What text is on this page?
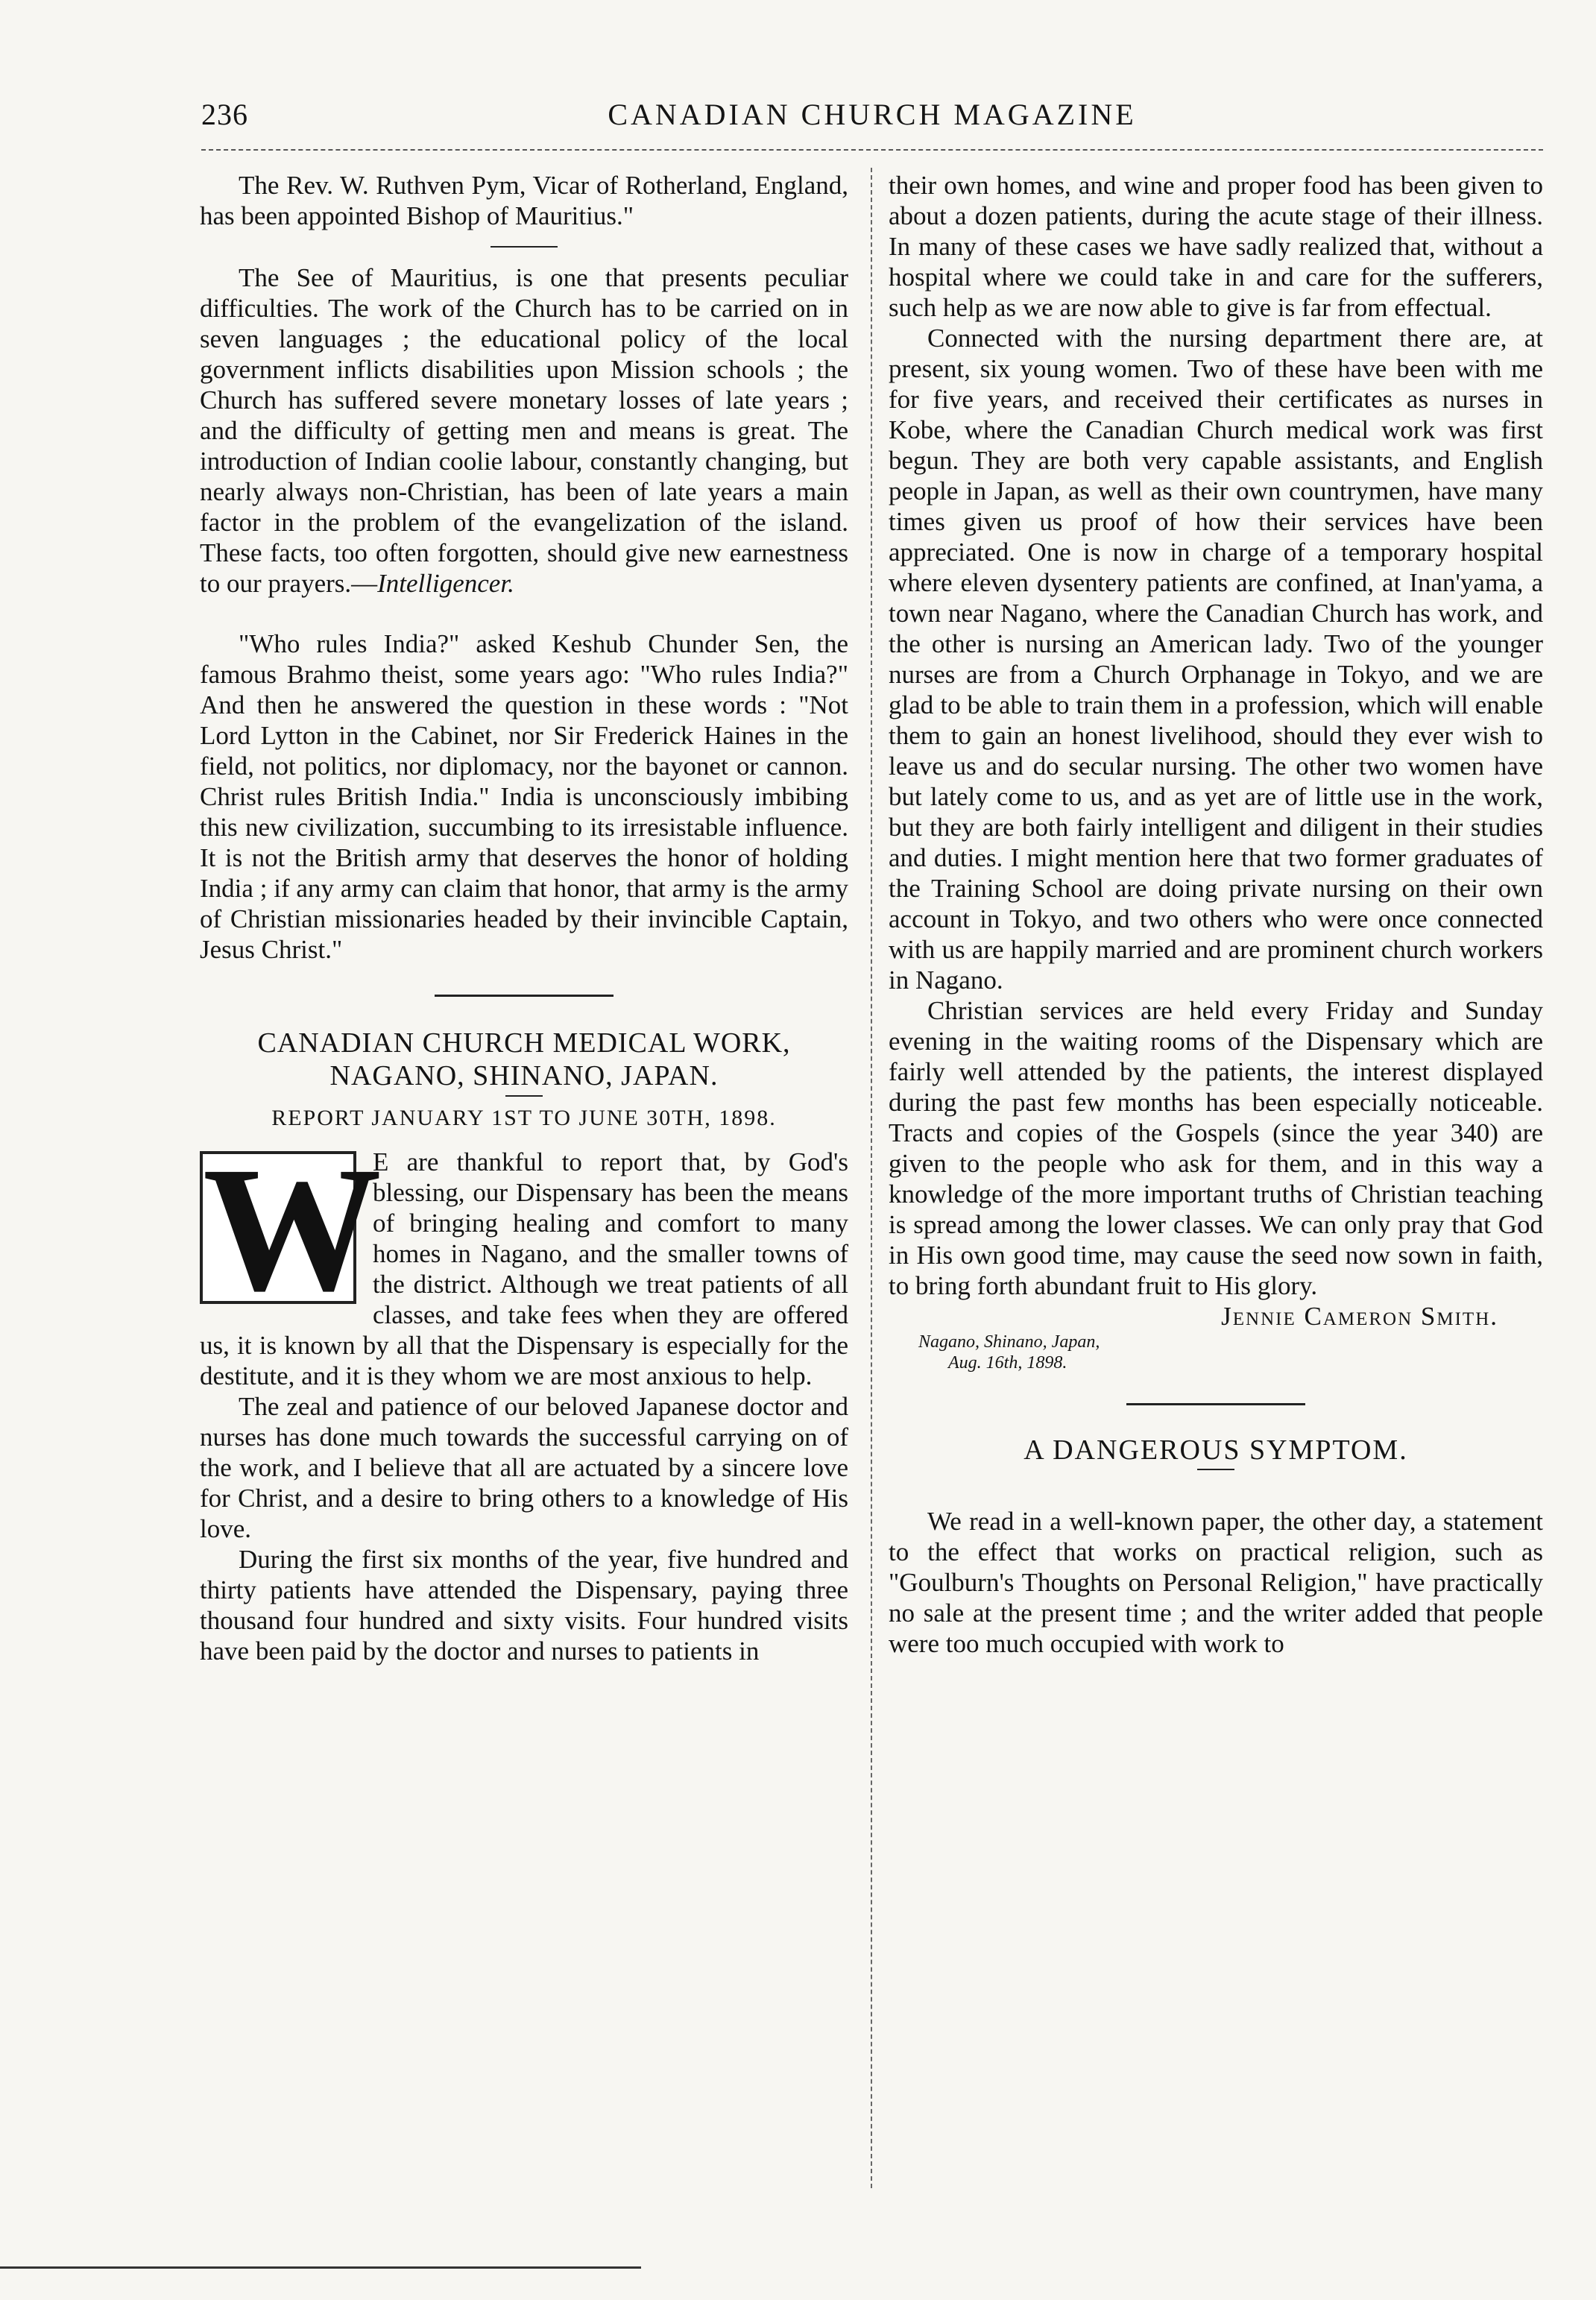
236	CANADIAN CHURCH MAGAZINE

The Rev. W. Ruthven Pym, Vicar of Rotherland, England, has been appointed Bishop of Mauritius."

The See of Mauritius, is one that presents peculiar difficulties. The work of the Church has to be carried on in seven languages ; the educational policy of the local government inflicts disabilities upon Mission schools ; the Church has suffered severe monetary losses of late years ; and the difficulty of getting men and means is great. The introduction of Indian coolie labour, constantly changing, but nearly always non-Christian, has been of late years a main factor in the problem of the evangelization of the island. These facts, too often forgotten, should give new earnestness to our prayers.—Intelligencer.

"Who rules India?" asked Keshub Chunder Sen, the famous Brahmo theist, some years ago: "Who rules India?" And then he answered the question in these words : "Not Lord Lytton in the Cabinet, nor Sir Frederick Haines in the field, not politics, nor diplomacy, nor the bayonet or cannon. Christ rules British India." India is unconsciously imbibing this new civilization, succumbing to its irresistable influence. It is not the British army that deserves the honor of holding India ; if any army can claim that honor, that army is the army of Christian missionaries headed by their invincible Captain, Jesus Christ."

CANADIAN CHURCH MEDICAL WORK,
NAGANO, SHINANO, JAPAN.
REPORT JANUARY 1ST TO JUNE 30TH, 1898.
W

E are thankful to report that, by God's blessing, our Dispensary has been the means of bringing healing and comfort to many homes in Nagano, and the smaller towns of the district. Although we treat patients of all classes, and take fees when they are offered us, it is known by all that the Dispensary is especially for the destitute, and it is they whom we are most anxious to help.

The zeal and patience of our beloved Japanese doctor and nurses has done much towards the successful carrying on of the work, and I believe that all are actuated by a sincere love for Christ, and a desire to bring others to a knowledge of His love.

During the first six months of the year, five hundred and thirty patients have attended the Dispensary, paying three thousand four hundred and sixty visits. Four hundred visits have been paid by the doctor and nurses to patients in

their own homes, and wine and proper food has been given to about a dozen patients, during the acute stage of their illness. In many of these cases we have sadly realized that, without a hospital where we could take in and care for the sufferers, such help as we are now able to give is far from effectual.

Connected with the nursing department there are, at present, six young women. Two of these have been with me for five years, and received their certificates as nurses in Kobe, where the Canadian Church medical work was first begun. They are both very capable assistants, and English people in Japan, as well as their own countrymen, have many times given us proof of how their services have been appreciated. One is now in charge of a temporary hospital where eleven dysentery patients are confined, at Inan'yama, a town near Nagano, where the Canadian Church has work, and the other is nursing an American lady. Two of the younger nurses are from a Church Orphanage in Tokyo, and we are glad to be able to train them in a profession, which will enable them to gain an honest livelihood, should they ever wish to leave us and do secular nursing. The other two women have but lately come to us, and as yet are of little use in the work, but they are both fairly intelligent and diligent in their studies and duties. I might mention here that two former graduates of the Training School are doing private nursing on their own account in Tokyo, and two others who were once connected with us are happily married and are prominent church workers in Nagano.

Christian services are held every Friday and Sunday evening in the waiting rooms of the Dispensary which are fairly well attended by the patients, the interest displayed during the past few months has been especially noticeable. Tracts and copies of the Gospels (since the year 340) are given to the people who ask for them, and in this way a knowledge of the more important truths of Christian teaching is spread among the lower classes. We can only pray that God in His own good time, may cause the seed now sown in faith, to bring forth abundant fruit to His glory.

Jennie Cameron Smith.
Nagano, Shinano, Japan,
Aug. 16th, 1898.
A DANGEROUS SYMPTOM.

We read in a well-known paper, the other day, a statement to the effect that works on practical religion, such as "Goulburn's Thoughts on Personal Religion," have practically no sale at the present time ; and the writer added that people were too much occupied with work to
